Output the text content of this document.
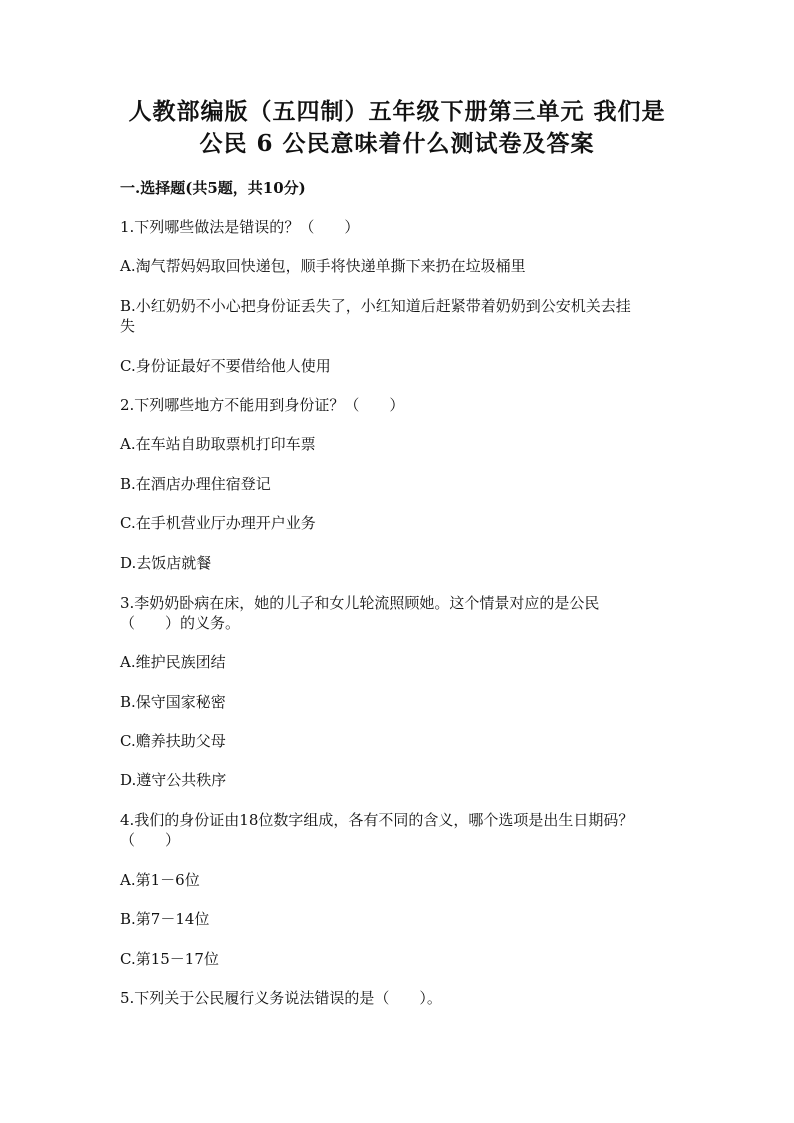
人教部编版（五四制）五年级下册第三单元 我们是
公民 6 公民意味着什么测试卷及答案
一.选择题(共5题，共10分)
1.下列哪些做法是错误的？（　　）
A.淘气帮妈妈取回快递包，顺手将快递单撕下来扔在垃圾桶里
B.小红奶奶不小心把身份证丢失了，小红知道后赶紧带着奶奶到公安机关去挂
失
C.身份证最好不要借给他人使用
2.下列哪些地方不能用到身份证？（　　）
A.在车站自助取票机打印车票
B.在酒店办理住宿登记
C.在手机营业厅办理开户业务
D.去饭店就餐
3.李奶奶卧病在床，她的儿子和女儿轮流照顾她。这个情景对应的是公民
（　　）的义务。
A.维护民族团结
B.保守国家秘密
C.赡养扶助父母
D.遵守公共秩序
4.我们的身份证由18位数字组成，各有不同的含义，哪个选项是出生日期码？
（　　）
A.第1－6位
B.第7－14位
C.第15－17位
5.下列关于公民履行义务说法错误的是（　　）。
